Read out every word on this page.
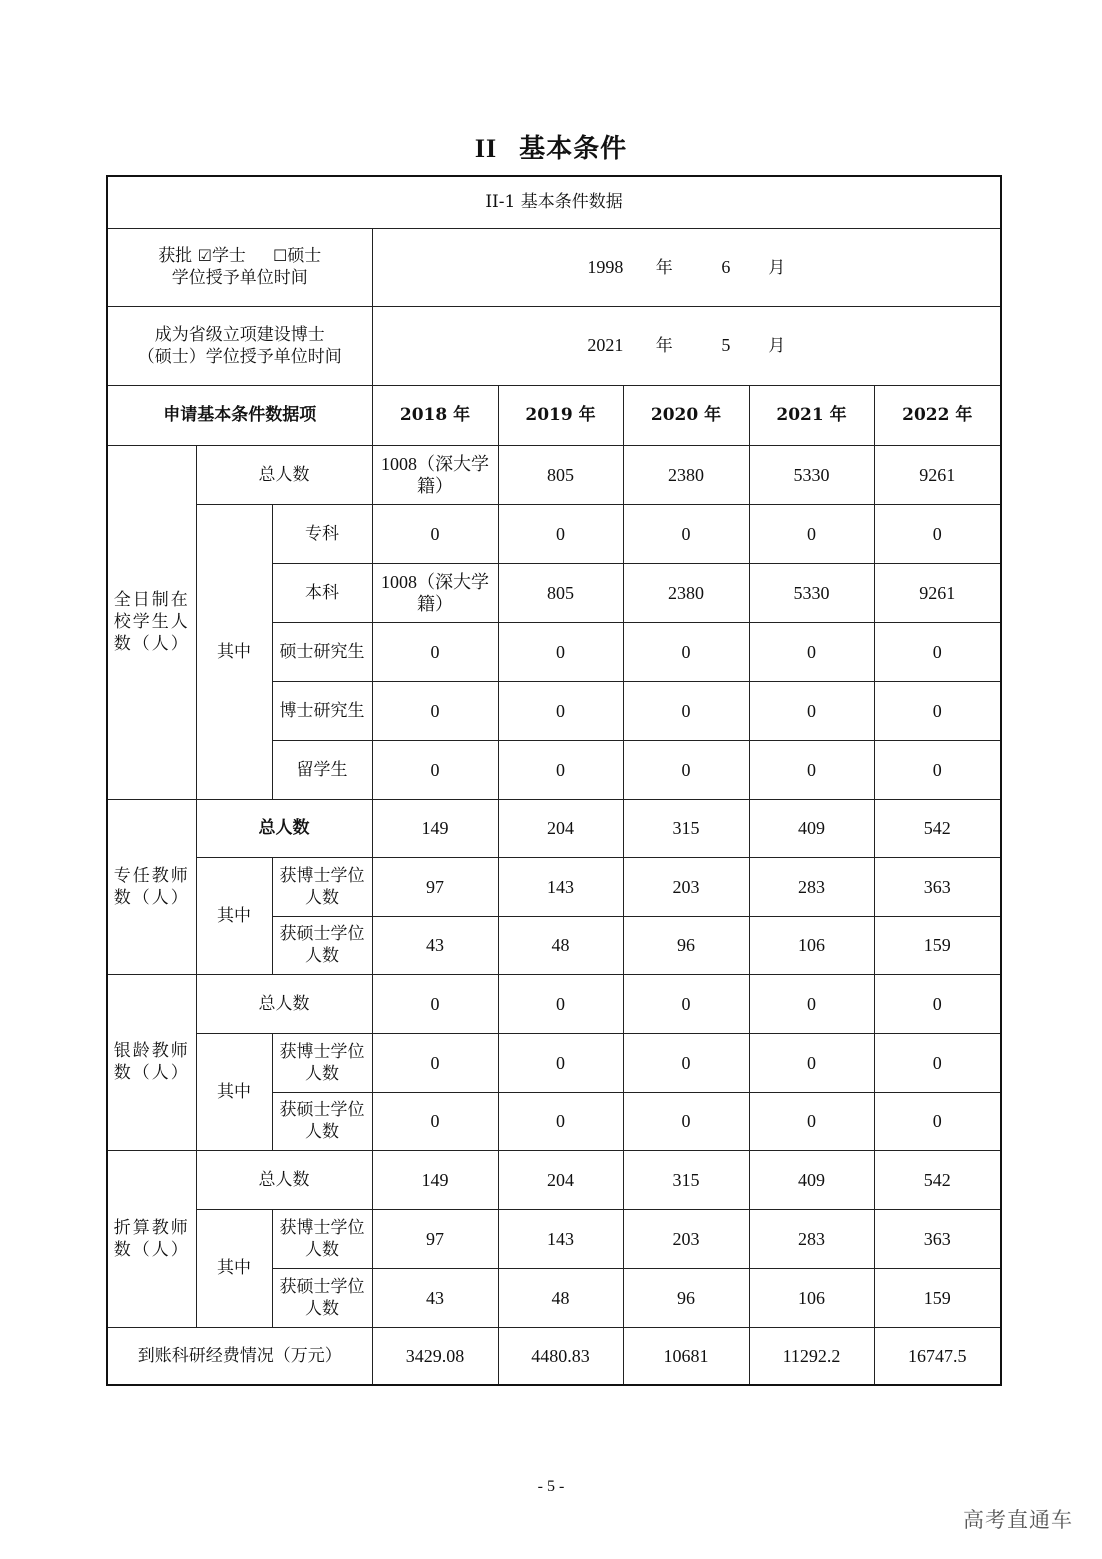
II 基本条件
II-1 基本条件数据							

获批 ☑学士 ☐硕士
学位授予单位时间			1998 年 6 月				

成为省级立项建设博士
（硕士）学位授予单位时间			2021 年 5 月				
申请基本条件数据项			2018 年	2019 年	2020 年	2021 年	2022 年
全日制在校学生人数（人）	总人数		1008（深大学籍）	805	2380	5330	9261
	其中	专科	0	0	0	0	0
		本科	1008（深大学籍）	805	2380	5330	9261
		硕士研究生	0	0	0	0	0
		博士研究生	0	0	0	0	0
		留学生	0	0	0	0	0
专任教师数（人）	总人数		149	204	315	409	542
	其中	获博士学位人数	97	143	203	283	363
		获硕士学位人数	43	48	96	106	159
银龄教师数（人）	总人数		0	0	0	0	0
	其中	获博士学位人数	0	0	0	0	0
		获硕士学位人数	0	0	0	0	0
折算教师数（人）	总人数		149	204	315	409	542
	其中	获博士学位人数	97	143	203	283	363
		获硕士学位人数	43	48	96	106	159
到账科研经费情况（万元）			3429.08	4480.83	10681	11292.2	16747.5
- 5 -
高考直通车
